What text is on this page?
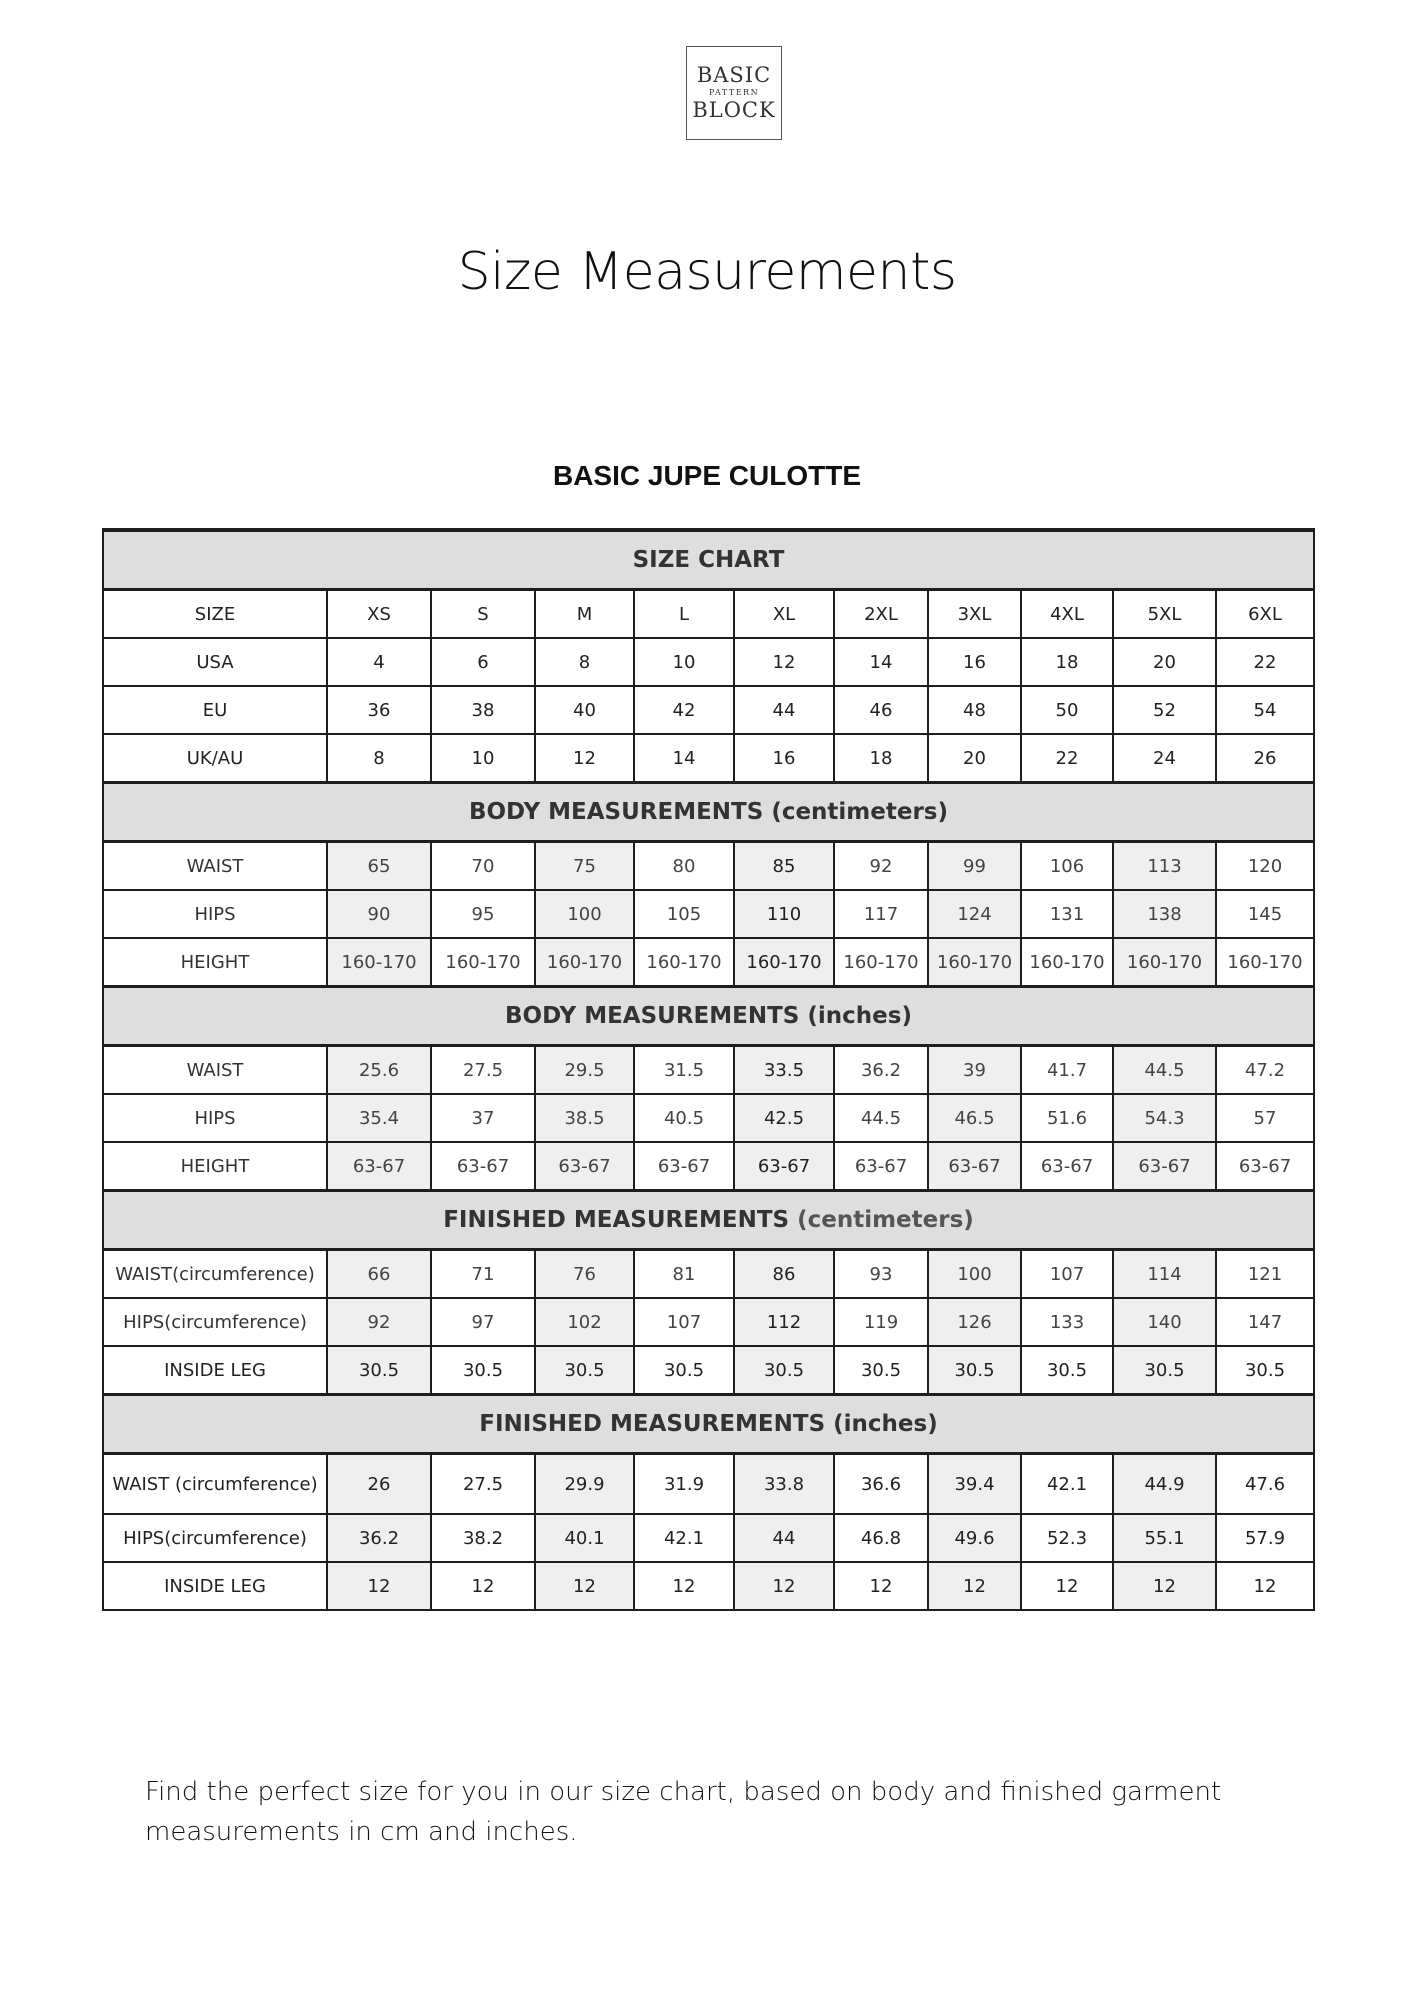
BASIC
PATTERN
BLOCK
Size Measurements
BASIC JUPE CULOTTE
SIZE CHART										
SIZE	XS	S	M	L	XL	2XL	3XL	4XL	5XL	6XL
USA	4	6	8	10	12	14	16	18	20	22
EU	36	38	40	42	44	46	48	50	52	54
UK/AU	8	10	12	14	16	18	20	22	24	26
BODY MEASUREMENTS (centimeters)										
WAIST	65	70	75	80	85	92	99	106	113	120
HIPS	90	95	100	105	110	117	124	131	138	145
HEIGHT	160-170	160-170	160-170	160-170	160-170	160-170	160-170	160-170	160-170	160-170
BODY MEASUREMENTS (inches)										
WAIST	25.6	27.5	29.5	31.5	33.5	36.2	39	41.7	44.5	47.2
HIPS	35.4	37	38.5	40.5	42.5	44.5	46.5	51.6	54.3	57
HEIGHT	63-67	63-67	63-67	63-67	63-67	63-67	63-67	63-67	63-67	63-67
FINISHED MEASUREMENTS (centimeters)										
WAIST(circumference)	66	71	76	81	86	93	100	107	114	121
HIPS(circumference)	92	97	102	107	112	119	126	133	140	147
INSIDE LEG	30.5	30.5	30.5	30.5	30.5	30.5	30.5	30.5	30.5	30.5
FINISHED MEASUREMENTS (inches)										
WAIST (circumference)	26	27.5	29.9	31.9	33.8	36.6	39.4	42.1	44.9	47.6
HIPS(circumference)	36.2	38.2	40.1	42.1	44	46.8	49.6	52.3	55.1	57.9
INSIDE LEG	12	12	12	12	12	12	12	12	12	12
Find the perfect size for you in our size chart, based on body and finished garment measurements in cm and inches.
